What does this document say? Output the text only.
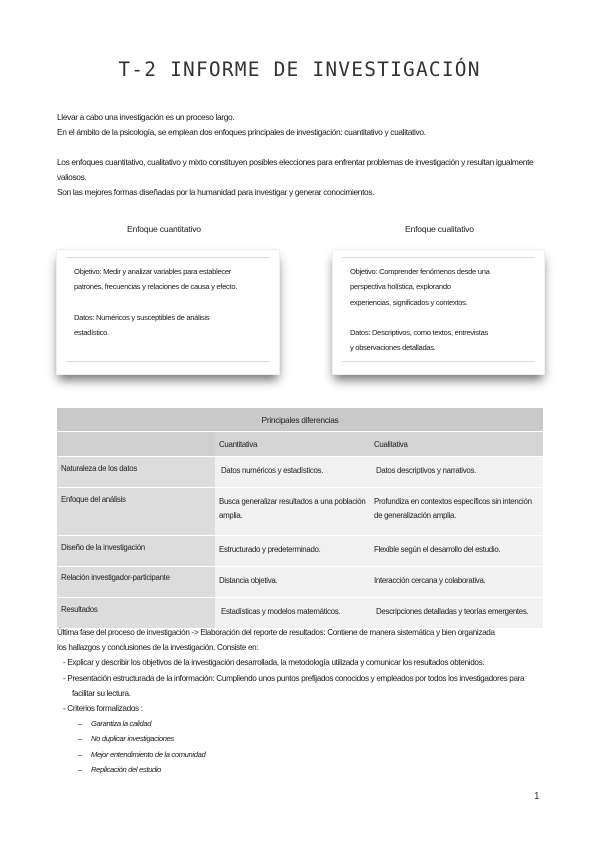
T-2 INFORME DE INVESTIGACIÓN

Llevar a cabo una investigación es un proceso largo.

En el ámbito de la psicología, se emplean dos enfoques principales de investigación: cuantitativo y cualitativo.

Los enfoques cuantitativo, cualitativo y mixto constituyen posibles elecciones para enfrentar problemas de investigación y resultan igualmente

valiosos.

Son las mejores formas diseñadas por la humanidad para investigar y generar conocimientos.

Enfoque cuantitativo	Enfoque cualitativo

Objetivo: Medir y analizar variables para establecer

patrones, frecuencias y relaciones de causa y efecto.

Datos: Numéricos y susceptibles de análisis

estadístico.

Objetivo: Comprender fenómenos desde una

perspectiva holística, explorando

experiencias, significados y contextos.

Datos: Descriptivos, como textos, entrevistas

y observaciones detalladas.

Principales diferencias		
	Cuantitativa	Cualitativa
Naturaleza de los datos	Datos numéricos y estadísticos.	Datos descriptivos y narrativos.
Enfoque del análisis	Busca generalizar resultados a una población amplia.	Profundiza en contextos específicos sin intención de generalización amplia.
Diseño de la investigación	Estructurado y predeterminado.	Flexible según el desarrollo del estudio.
Relación investigador-participante	Distancia objetiva.	Interacción cercana y colaborativa.
Resultados	Estadísticas y modelos matemáticos.	Descripciones detalladas y teorías emergentes.

Última fase del proceso de investigación -> Elaboración del reporte de resultados: Contiene de manera sistemática y bien organizada

los hallazgos y conclusiones de la investigación. Consiste en:

- Explicar y describir los objetivos de la investigación desarrollada, la metodología utilizada y comunicar los resultados obtenidos.

- Presentación estructurada de la información: Cumpliendo unos puntos prefijados conocidos y empleados por todos los investigadores para

facilitar su lectura.

- Criterios formalizados :

– Garantiza la calidad

– No duplicar investigaciones

– Mejor entendimiento de la comunidad

– Replicación del estudio

1
